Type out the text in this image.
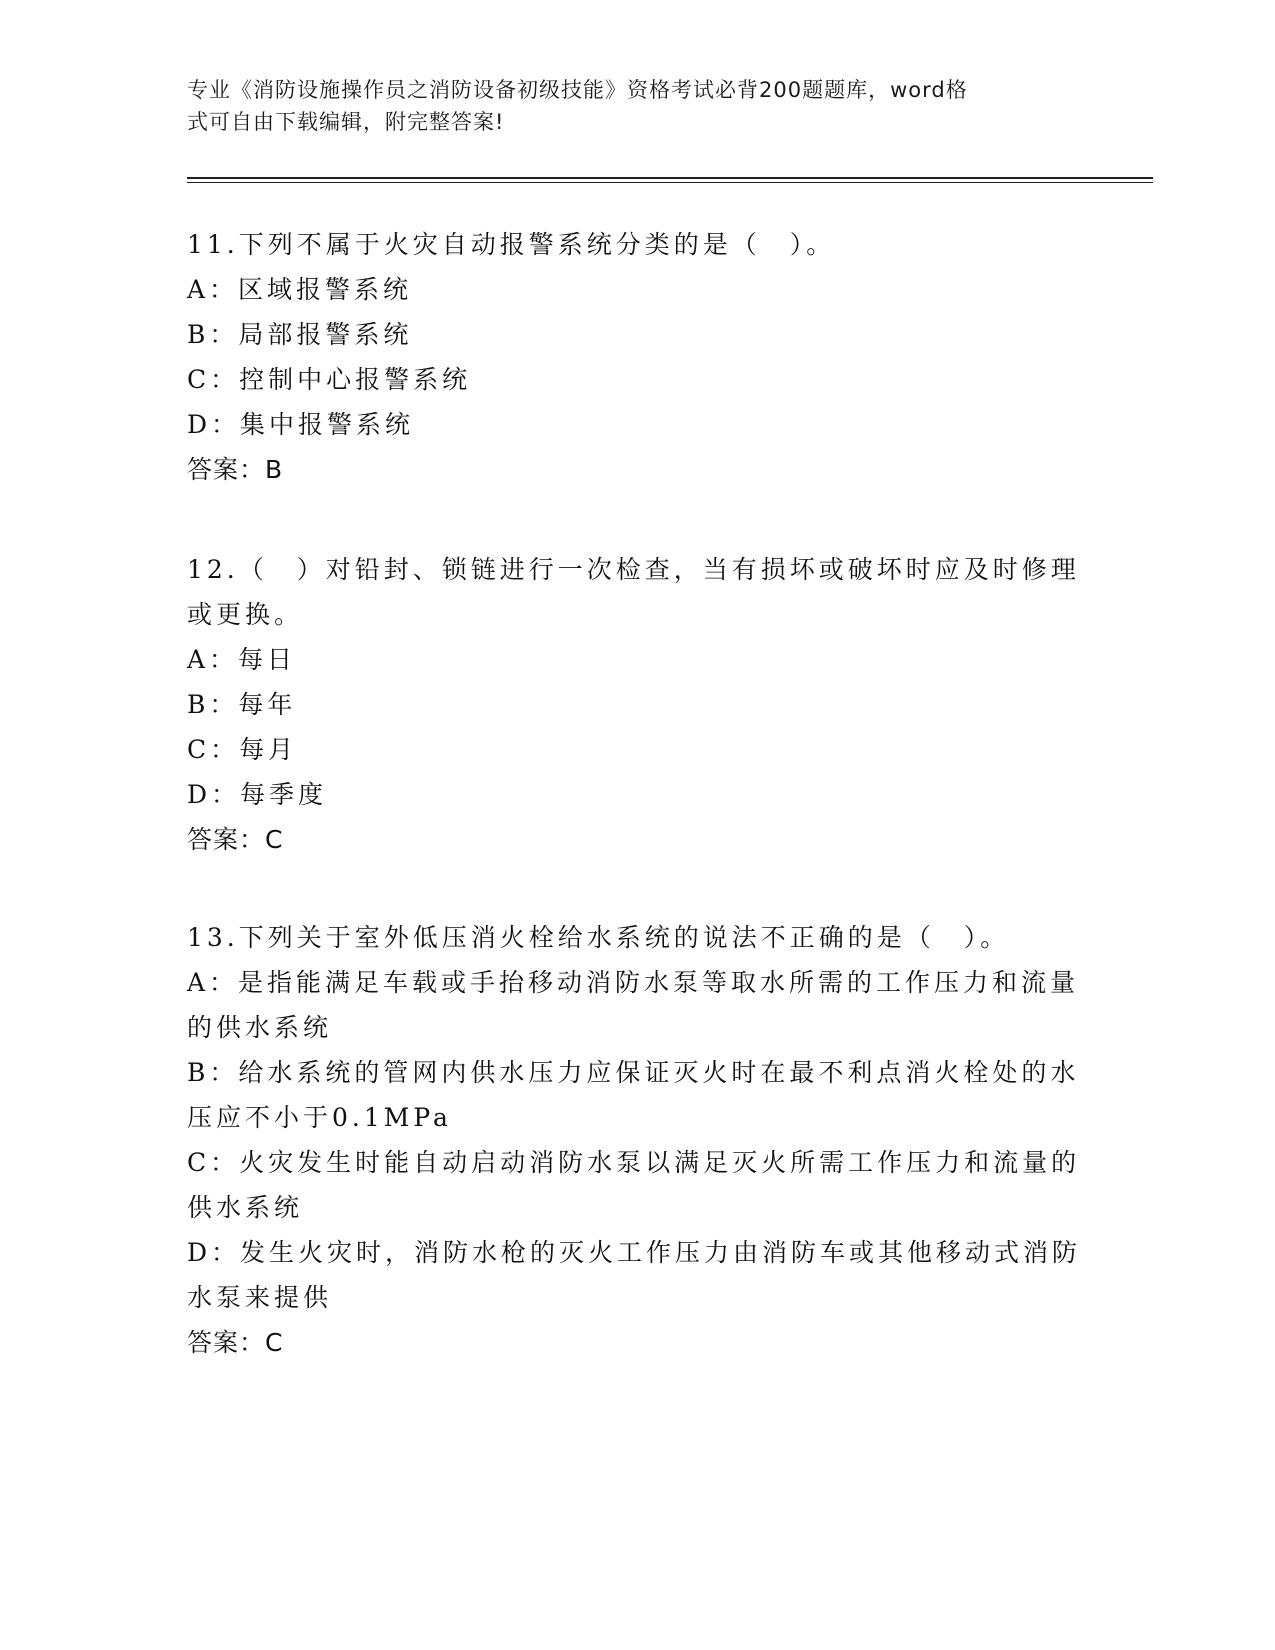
专业《消防设施操作员之消防设备初级技能》资格考试必背200题题库，word格
式可自由下载编辑，附完整答案!
11.下列不属于火灾自动报警系统分类的是（　）。
A：区域报警系统
B：局部报警系统
C：控制中心报警系统
D：集中报警系统
答案：B
12.（　）对铅封、锁链进行一次检查，当有损坏或破坏时应及时修理
或更换。
A：每日
B：每年
C：每月
D：每季度
答案：C
13.下列关于室外低压消火栓给水系统的说法不正确的是（　）。
A：是指能满足车载或手抬移动消防水泵等取水所需的工作压力和流量
的供水系统
B：给水系统的管网内供水压力应保证灭火时在最不利点消火栓处的水
压应不小于0.1MPa
C：火灾发生时能自动启动消防水泵以满足灭火所需工作压力和流量的
供水系统
D：发生火灾时，消防水枪的灭火工作压力由消防车或其他移动式消防
水泵来提供
答案：C
